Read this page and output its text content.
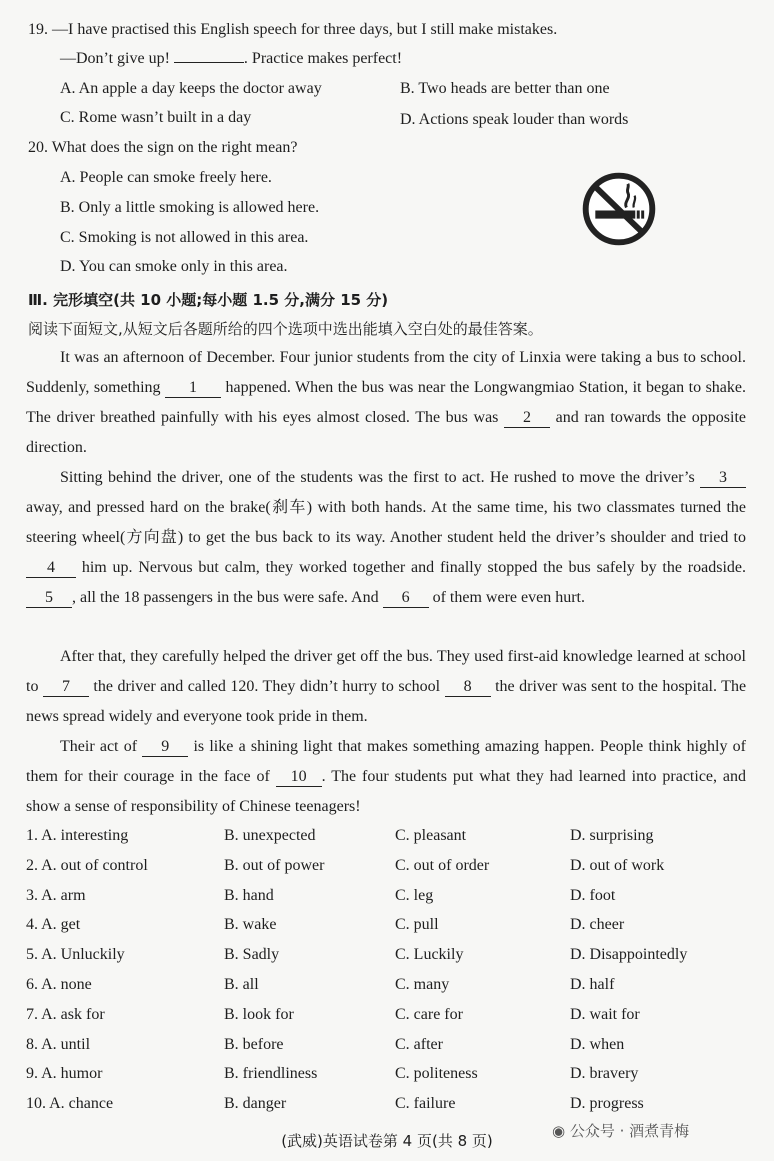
19. —I have practised this English speech for three days, but I still make mistakes.
—Don’t give up!	. Practice makes perfect!
A. An apple a day keeps the doctor away	B. Two heads are better than one
C. Rome wasn’t built in a day	D. Actions speak louder than words
20. What does the sign on the right mean?
A. People can smoke freely here.
B. Only a little smoking is allowed here.
C. Smoking is not allowed in this area.
D. You can smoke only in this area.
Ⅲ. 完形填空(共 10 小题;每小题 1.5 分,满分 15 分)
阅读下面短文,从短文后各题所给的四个选项中选出能填入空白处的最佳答案。
It was an afternoon of December. Four junior students from the city of Linxia were taking a bus to school. Suddenly, something 1 happened. When the bus was near the Longwangmiao Station, it began to shake. The driver breathed painfully with his eyes almost closed. The bus was 2 and ran towards the opposite direction.
Sitting behind the driver, one of the students was the first to act. He rushed to move the driver’s 3 away, and pressed hard on the brake(刹车) with both hands. At the same time, his two classmates turned the steering wheel(方向盘) to get the bus back to its way. Another student held the driver’s shoulder and tried to 4 him up. Nervous but calm, they worked together and finally stopped the bus safely by the roadside. 5 , all the 18 passengers in the bus were safe. And 6 of them were even hurt.
After that, they carefully helped the driver get off the bus. They used first-aid knowledge learned at school to 7 the driver and called 120. They didn’t hurry to school 8 the driver was sent to the hospital. The news spread widely and everyone took pride in them.
Their act of 9 is like a shining light that makes something amazing happen. People think highly of them for their courage in the face of 10 . The four students put what they had learned into practice, and show a sense of responsibility of Chinese teenagers!
1. A. interesting	B. unexpected	C. pleasant	D. surprising
2. A. out of control	B. out of power	C. out of order	D. out of work
3. A. arm	B. hand	C. leg	D. foot
4. A. get	B. wake	C. pull	D. cheer
5. A. Unluckily	B. Sadly	C. Luckily	D. Disappointedly
6. A. none	B. all	C. many	D. half
7. A. ask for	B. look for	C. care for	D. wait for
8. A. until	B. before	C. after	D. when
9. A. humor	B. friendliness	C. politeness	D. bravery
10. A. chance	B. danger	C. failure	D. progress
(武威)英语试卷第 4 页(共 8 页)
◉ 公众号 · 酒煮青梅
